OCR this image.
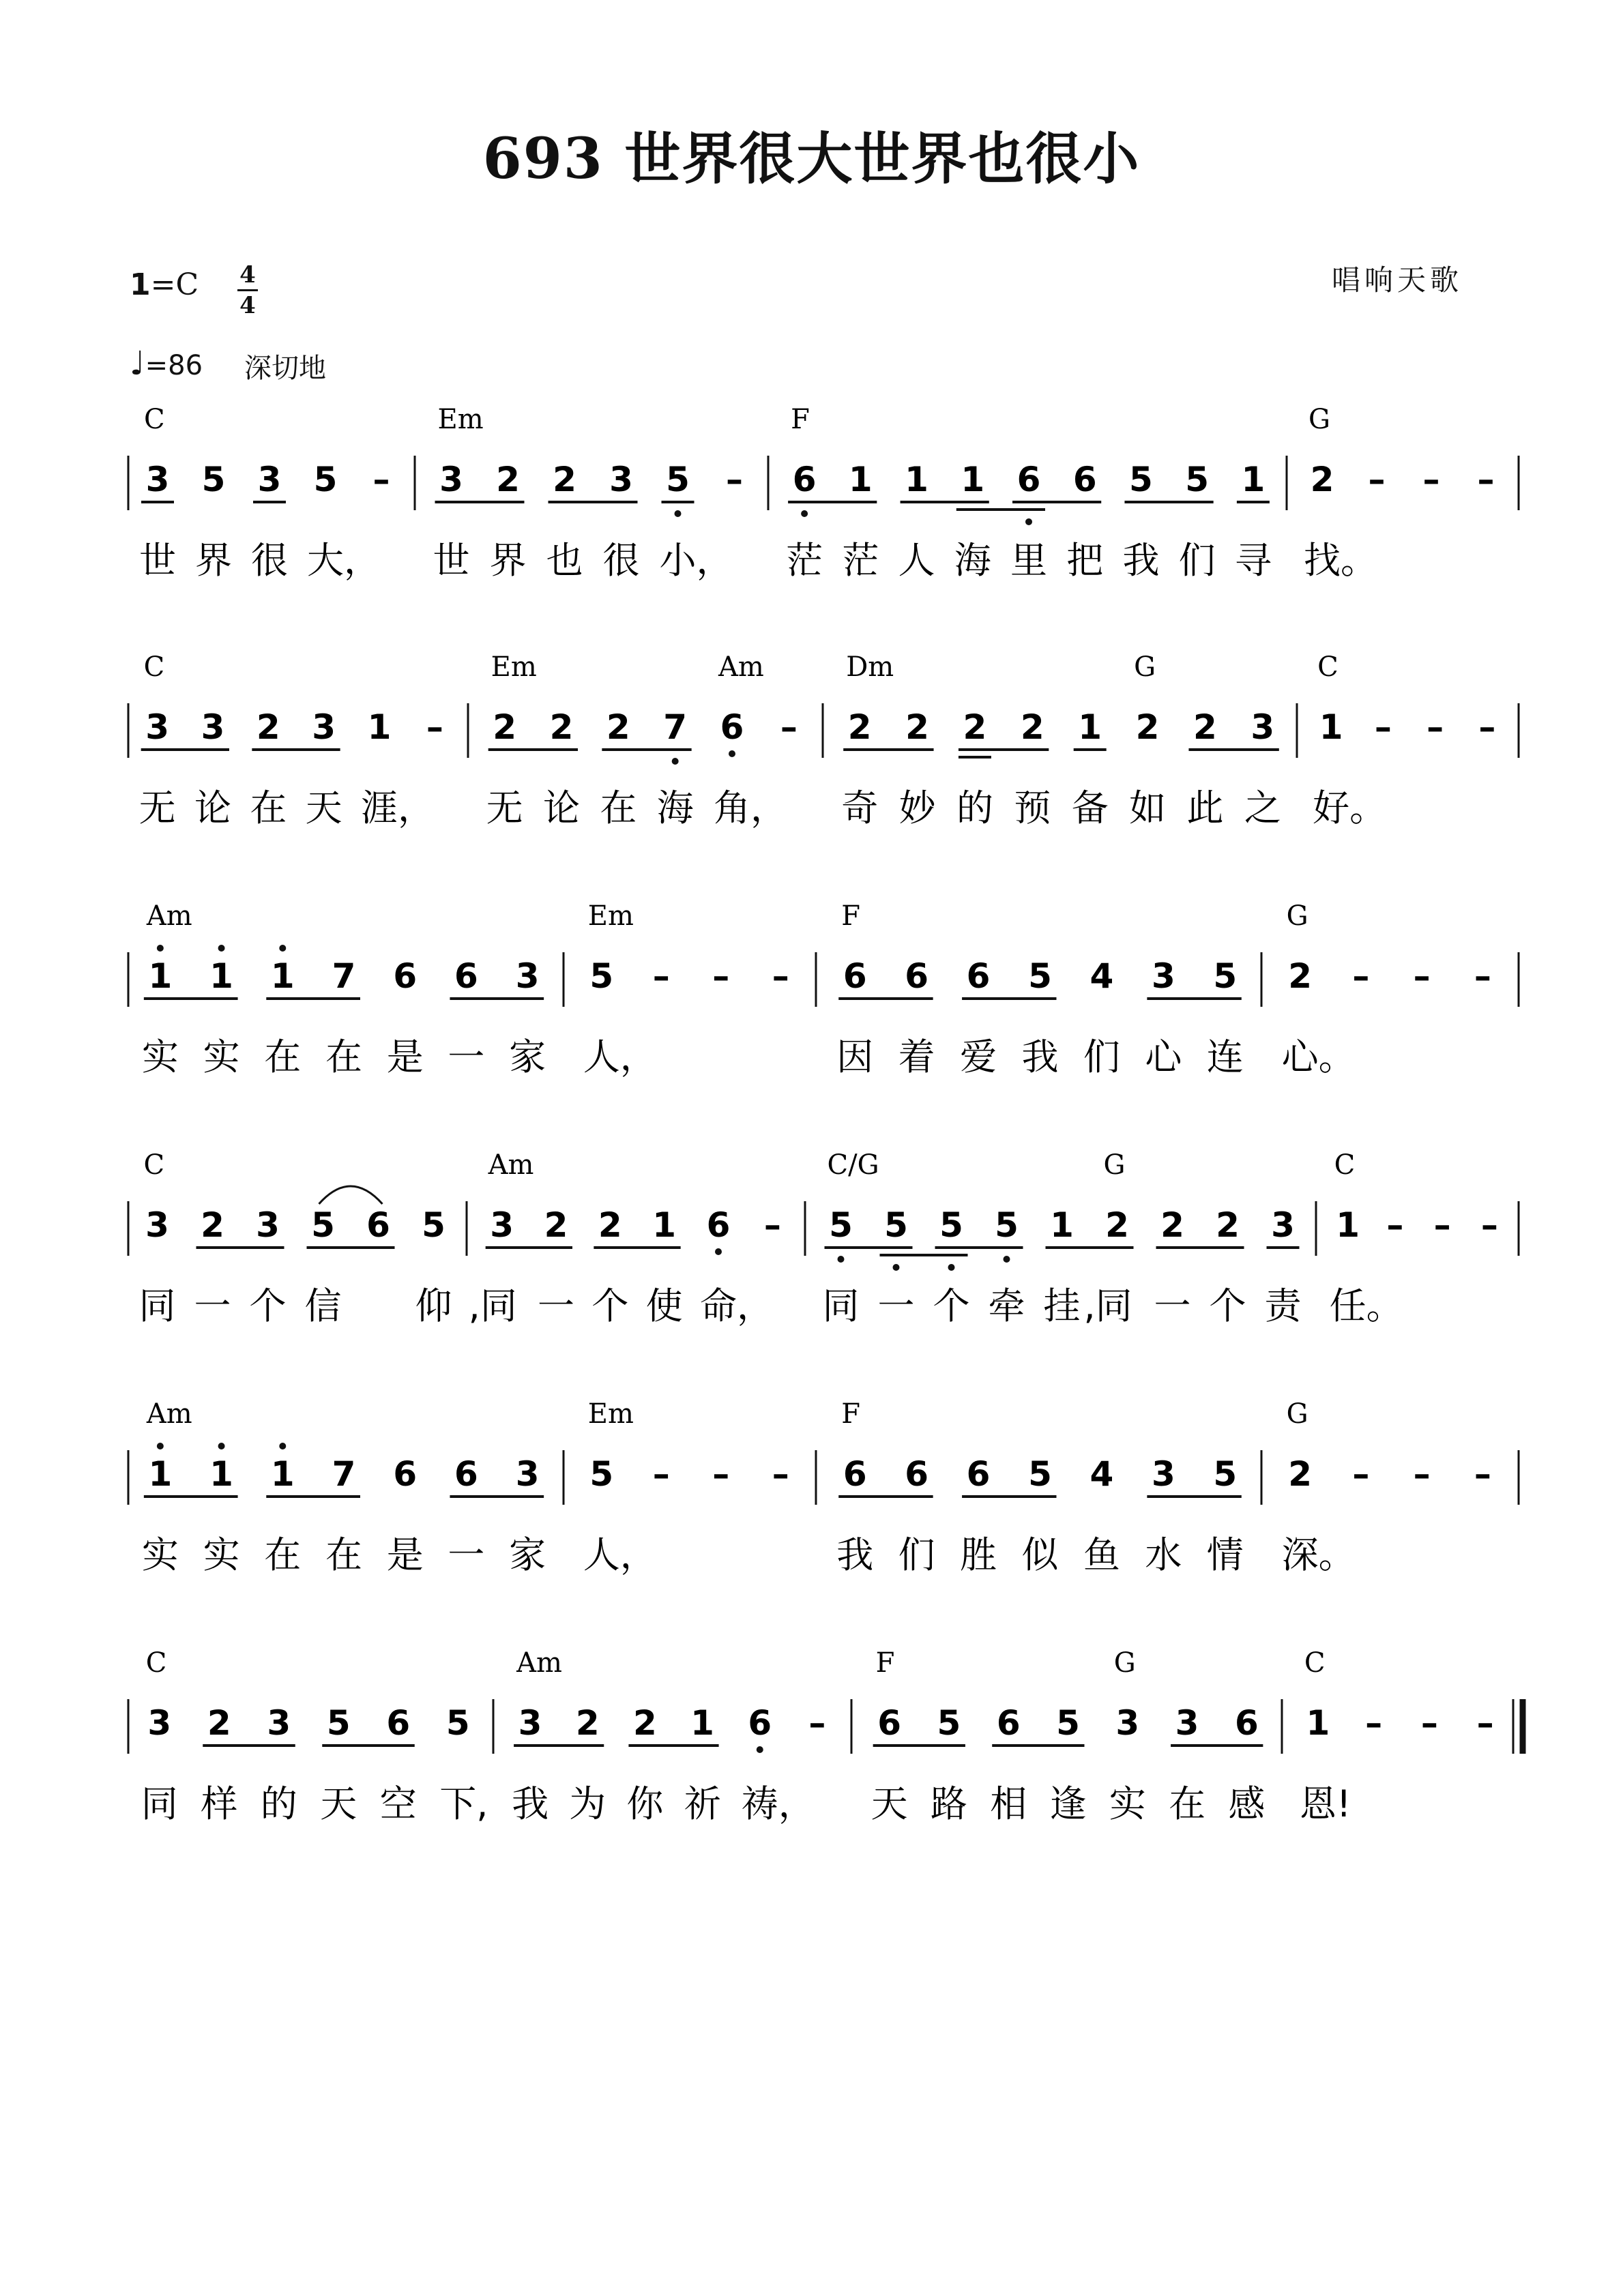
693 世界很大世界也很小
1=C 4
4
♩=86 深切地
唱响天歌
C
3 5 3 5 –
世 界 很 大，
Em
3 2 2 3 5 –
世 界 也 很 小，
F
6 1 1 1 6 6 5 5 1
茫 茫 人 海 里 把 我 们 寻
G
2 – – –
找。
C
3 3 2 3 1 –
无 论 在 天 涯，
Em	Am
2 2 2 7 6 –
无 论 在 海 角，
Dm	G
2 2 2 2 1 2 2 3
奇 妙 的 预 备 如 此 之
C
1 – – –
好。
Am
1 1 1 7 6 6 3
实 实 在 在 是 一 家
Em
5 – – –
人，
F
6 6 6 5 4 3 5
因 着 爱 我 们 心 连
G
2 – – –
心。
C
3 2 3 5 6 5
同 一 个 信
Am
3 2 2 1 6 –
,同 一 个 使 命，
C/G	G
5 5 5 5 1 2 2 2 3
同 一 个 牵 挂 ,同 一 个 责
C
1 – – –
任。
仰
Am
1 1 1 7 6 6 3
实 实 在 在 是 一 家
Em
5 – – –
人，
F
6 6 6 5 4 3 5
我 们 胜 似 鱼 水 情
G
2 – – –
深。
C
3 2 3 5 6 5
同 样 的 天 空 下,
Am
3 2 2 1 6 –
我 为 你 祈 祷，
F	G
6 5 6 5 3 3 6
天 路 相 逢 实 在 感
C
1 – – –
恩!
